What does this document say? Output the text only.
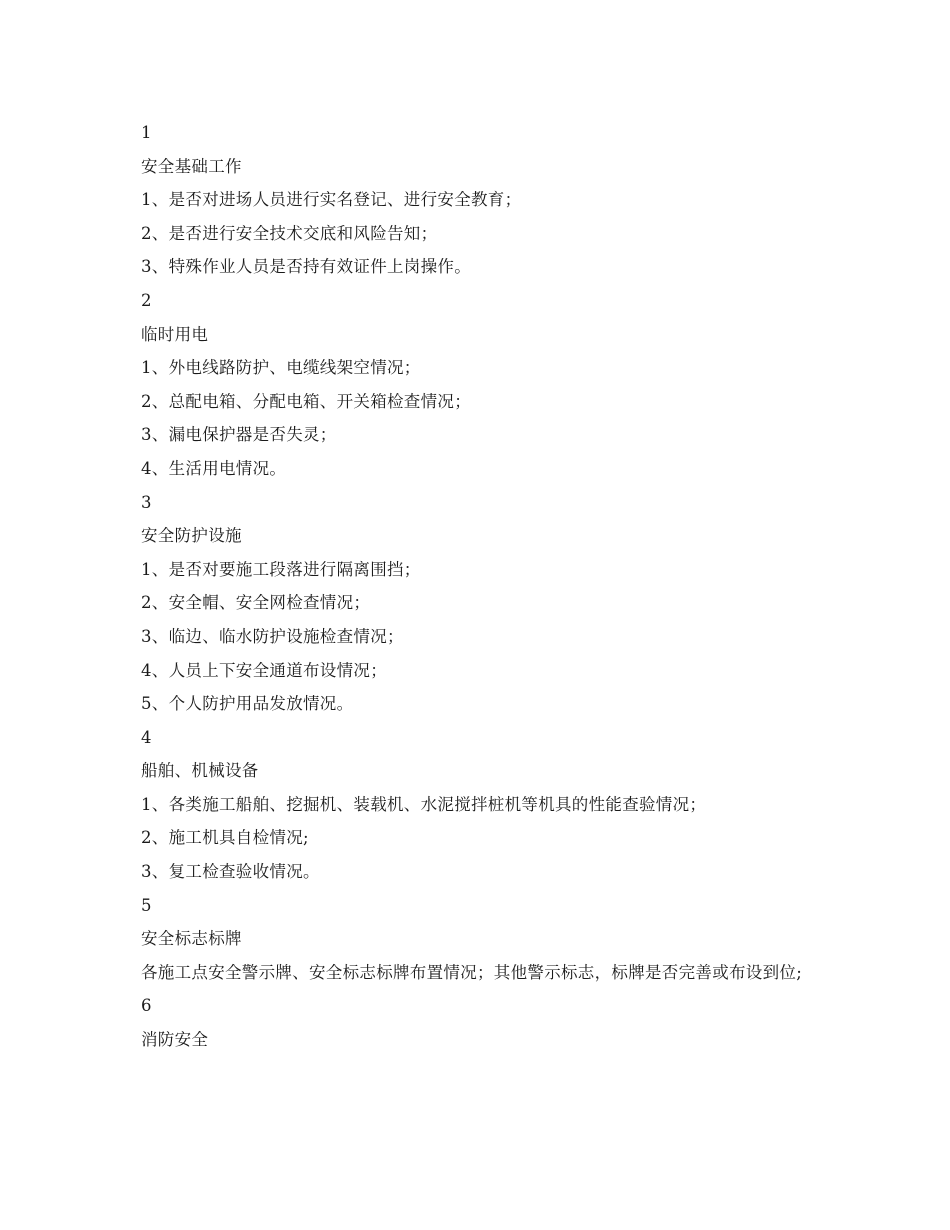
1
安全基础工作
1、是否对进场人员进行实名登记、进行安全教育；
2、是否进行安全技术交底和风险告知；
3、特殊作业人员是否持有效证件上岗操作。
2
临时用电
1、外电线路防护、电缆线架空情况；
2、总配电箱、分配电箱、开关箱检查情况；
3、漏电保护器是否失灵；
4、生活用电情况。
3
安全防护设施
1、是否对要施工段落进行隔离围挡；
2、安全帽、安全网检查情况；
3、临边、临水防护设施检查情况；
4、人员上下安全通道布设情况；
5、个人防护用品发放情况。
4
船舶、机械设备
1、各类施工船舶、挖掘机、装载机、水泥搅拌桩机等机具的性能查验情况；
2、施工机具自检情况;
3、复工检查验收情况。
5
安全标志标牌
各施工点安全警示牌、安全标志标牌布置情况；其他警示标志，标牌是否完善或布设到位;
6
消防安全
